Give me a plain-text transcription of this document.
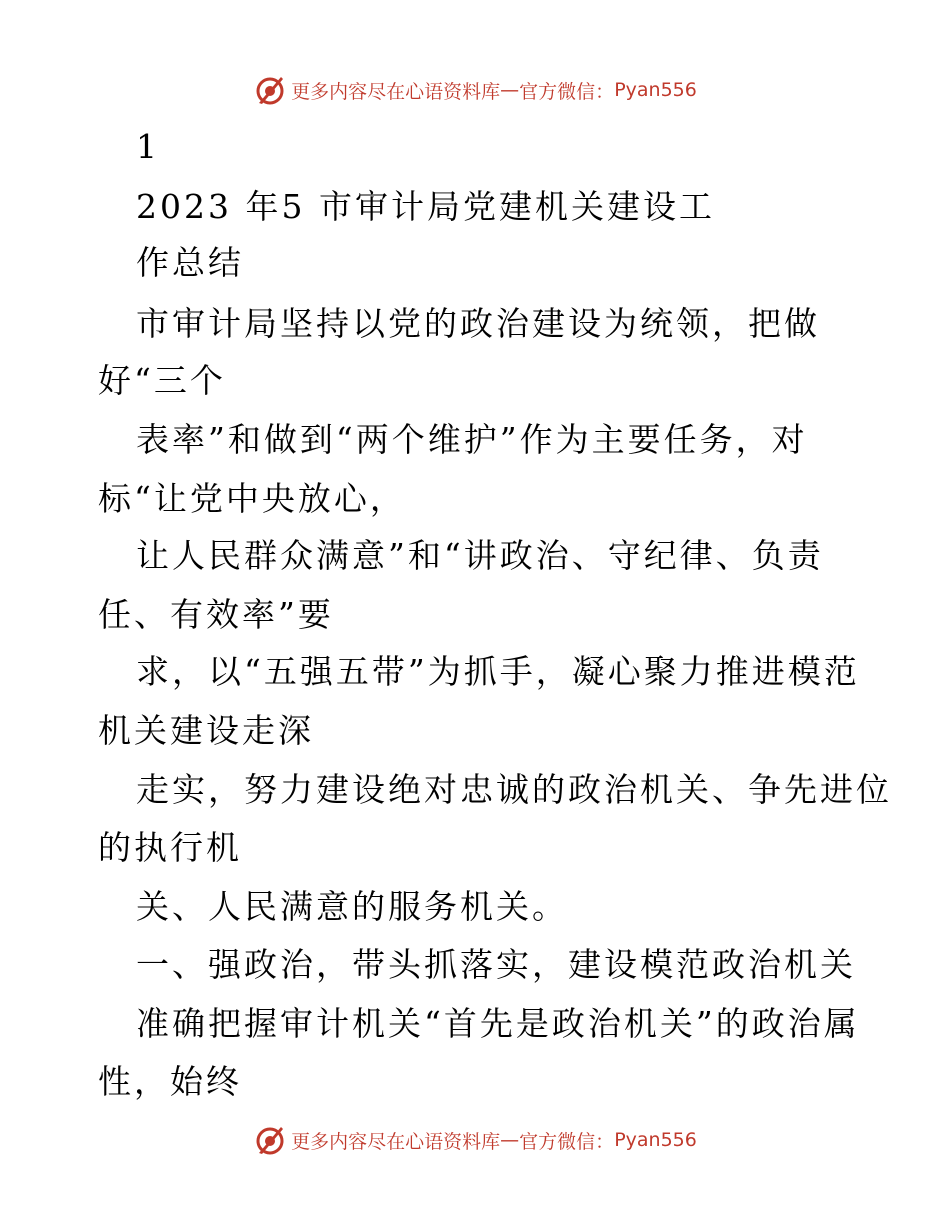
更多内容尽在心语资料库 — 官方微信： Pyan556
1
2023 年5 市审计局党建机关建设工
作总结
市审计局坚持以党的政治建设为统领，把做
好“三个
表率”和做到“两个维护”作为主要任务，对
标“让党中央放心，
让人民群众满意”和“讲政治、守纪律、负责
任、有效率”要
求，以“五强五带”为抓手，凝心聚力推进模范
机关建设走深
走实，努力建设绝对忠诚的政治机关、争先进位
的执行机
关、人民满意的服务机关。
一、强政治，带头抓落实，建设模范政治机关
准确把握审计机关“首先是政治机关”的政治属
性，始终
更多内容尽在心语资料库 — 官方微信： Pyan556
